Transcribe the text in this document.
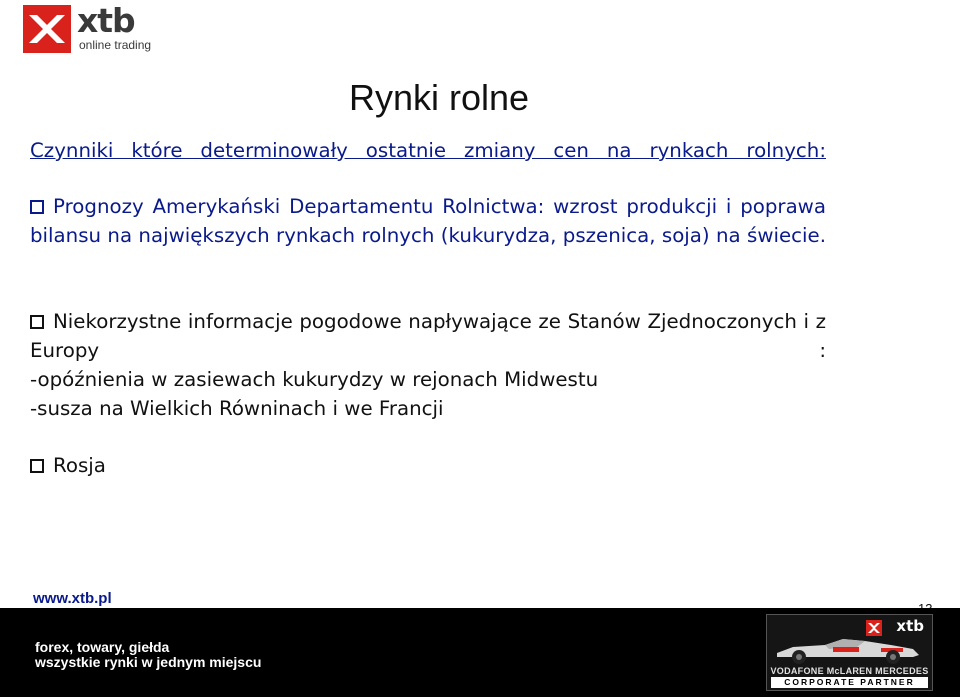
xtb
online trading
Rynki rolne
Czynniki które determinowały ostatnie zmiany cen na rynkach rolnych:
Prognozy Amerykański Departamentu Rolnictwa: wzrost produkcji i poprawa bilansu na największych rynkach rolnych (kukurydza, pszenica, soja) na świecie.
Niekorzystne informacje pogodowe napływające ze Stanów Zjednoczonych i z Europy :
-opóźnienia w zasiewach kukurydzy w rejonach Midwestu
-susza na Wielkich Równinach i we Francji
Rosja
www.xtb.pl
forex, towary, giełda
wszystkie rynki w jednym miejscu
xtb
VODAFONE McLAREN MERCEDES
CORPORATE PARTNER
